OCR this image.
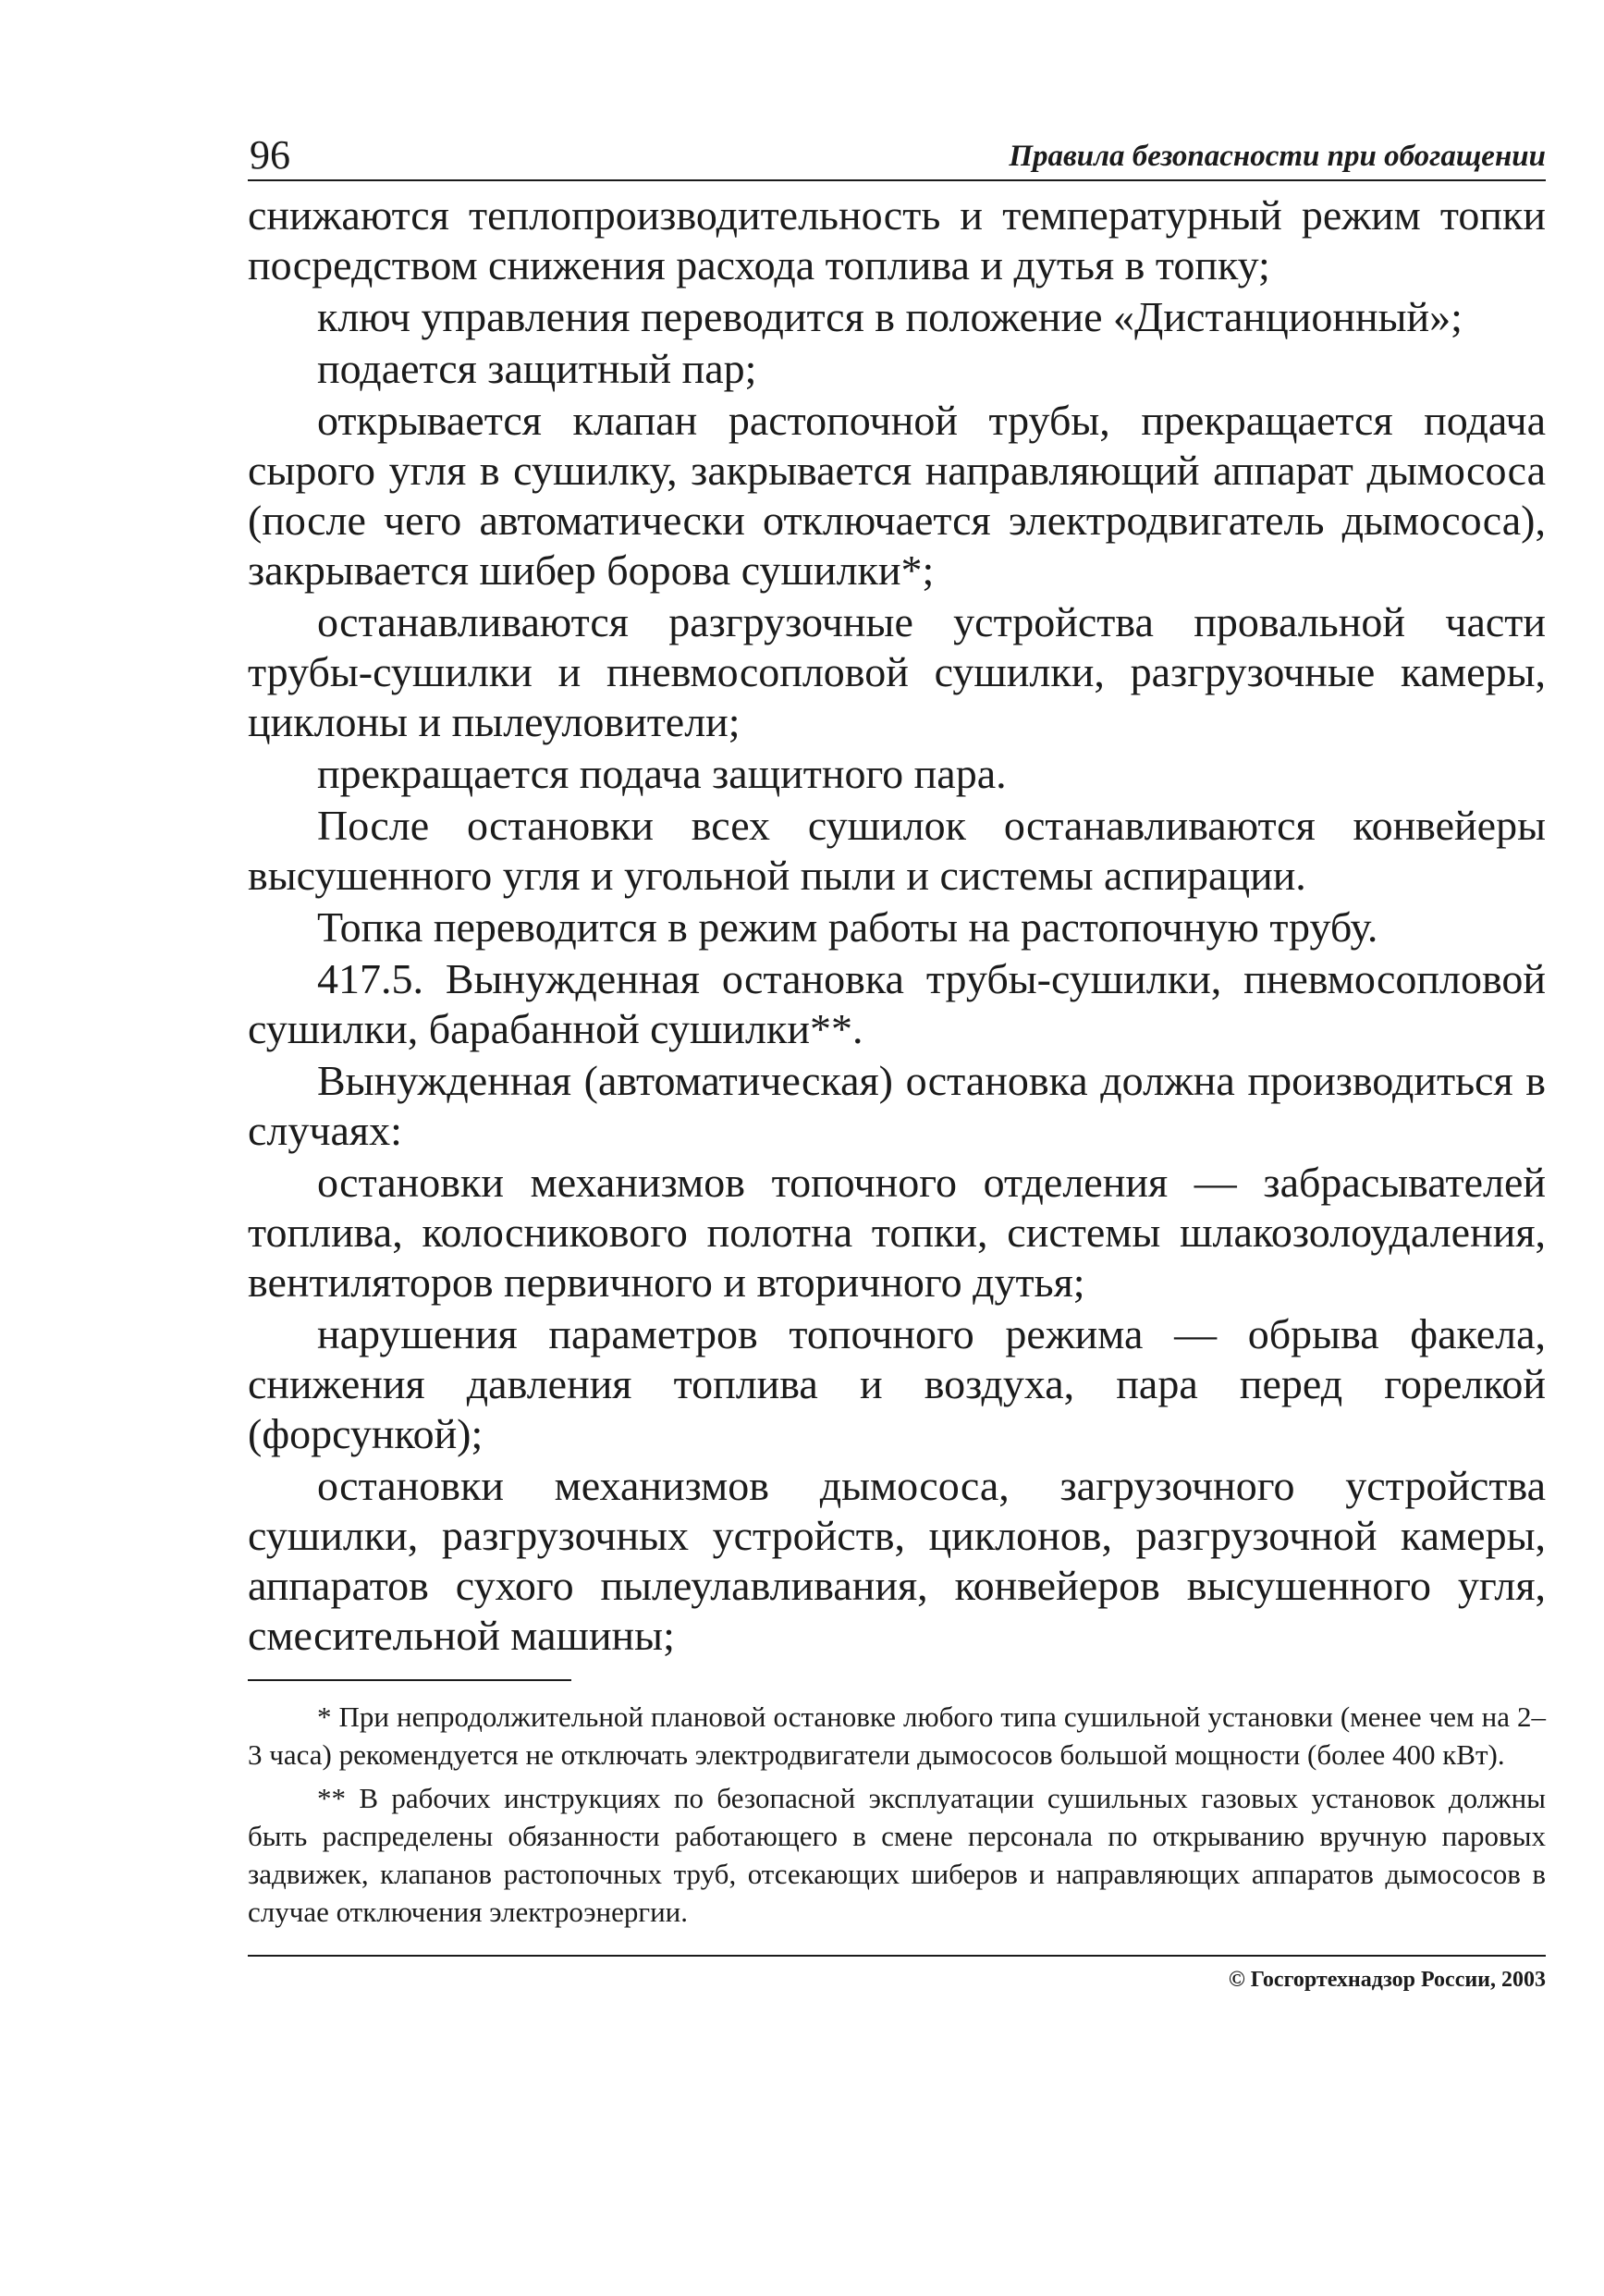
96	Правила безопасности при обогащении

снижаются теплопроизводительность и температурный режим топки посредством снижения расхода топлива и дутья в топку;

ключ управления переводится в положение «Дистанционный»;

подается защитный пар;

открывается клапан растопочной трубы, прекращается подача сырого угля в сушилку, закрывается направляющий аппарат дымососа (после чего автоматически отключается электродвигатель дымососа), закрывается шибер борова сушилки*;

останавливаются разгрузочные устройства провальной части трубы-сушилки и пневмосопловой сушилки, разгрузочные камеры, циклоны и пылеуловители;

прекращается подача защитного пара.

После остановки всех сушилок останавливаются конвейеры высушенного угля и угольной пыли и системы аспирации.

Топка переводится в режим работы на растопочную трубу.

417.5. Вынужденная остановка трубы-сушилки, пневмосопловой сушилки, барабанной сушилки**.

Вынужденная (автоматическая) остановка должна производиться в случаях:

остановки механизмов топочного отделения — забрасывателей топлива, колосникового полотна топки, системы шлакозолоудаления, вентиляторов первичного и вторичного дутья;

нарушения параметров топочного режима — обрыва факела, снижения давления топлива и воздуха, пара перед горелкой (форсункой);

остановки механизмов дымососа, загрузочного устройства сушилки, разгрузочных устройств, циклонов, разгрузочной камеры, аппаратов сухого пылеулавливания, конвейеров высушенного угля, смесительной машины;

* При непродолжительной плановой остановке любого типа сушильной установки (менее чем на 2–3 часа) рекомендуется не отключать электродвигатели дымососов большой мощности (более 400 кВт).

** В рабочих инструкциях по безопасной эксплуатации сушильных газовых установок должны быть распределены обязанности работающего в смене персонала по открыванию вручную паровых задвижек, клапанов растопочных труб, отсекающих шиберов и направляющих аппаратов дымососов в случае отключения электроэнергии.

© Госгортехнадзор России, 2003
